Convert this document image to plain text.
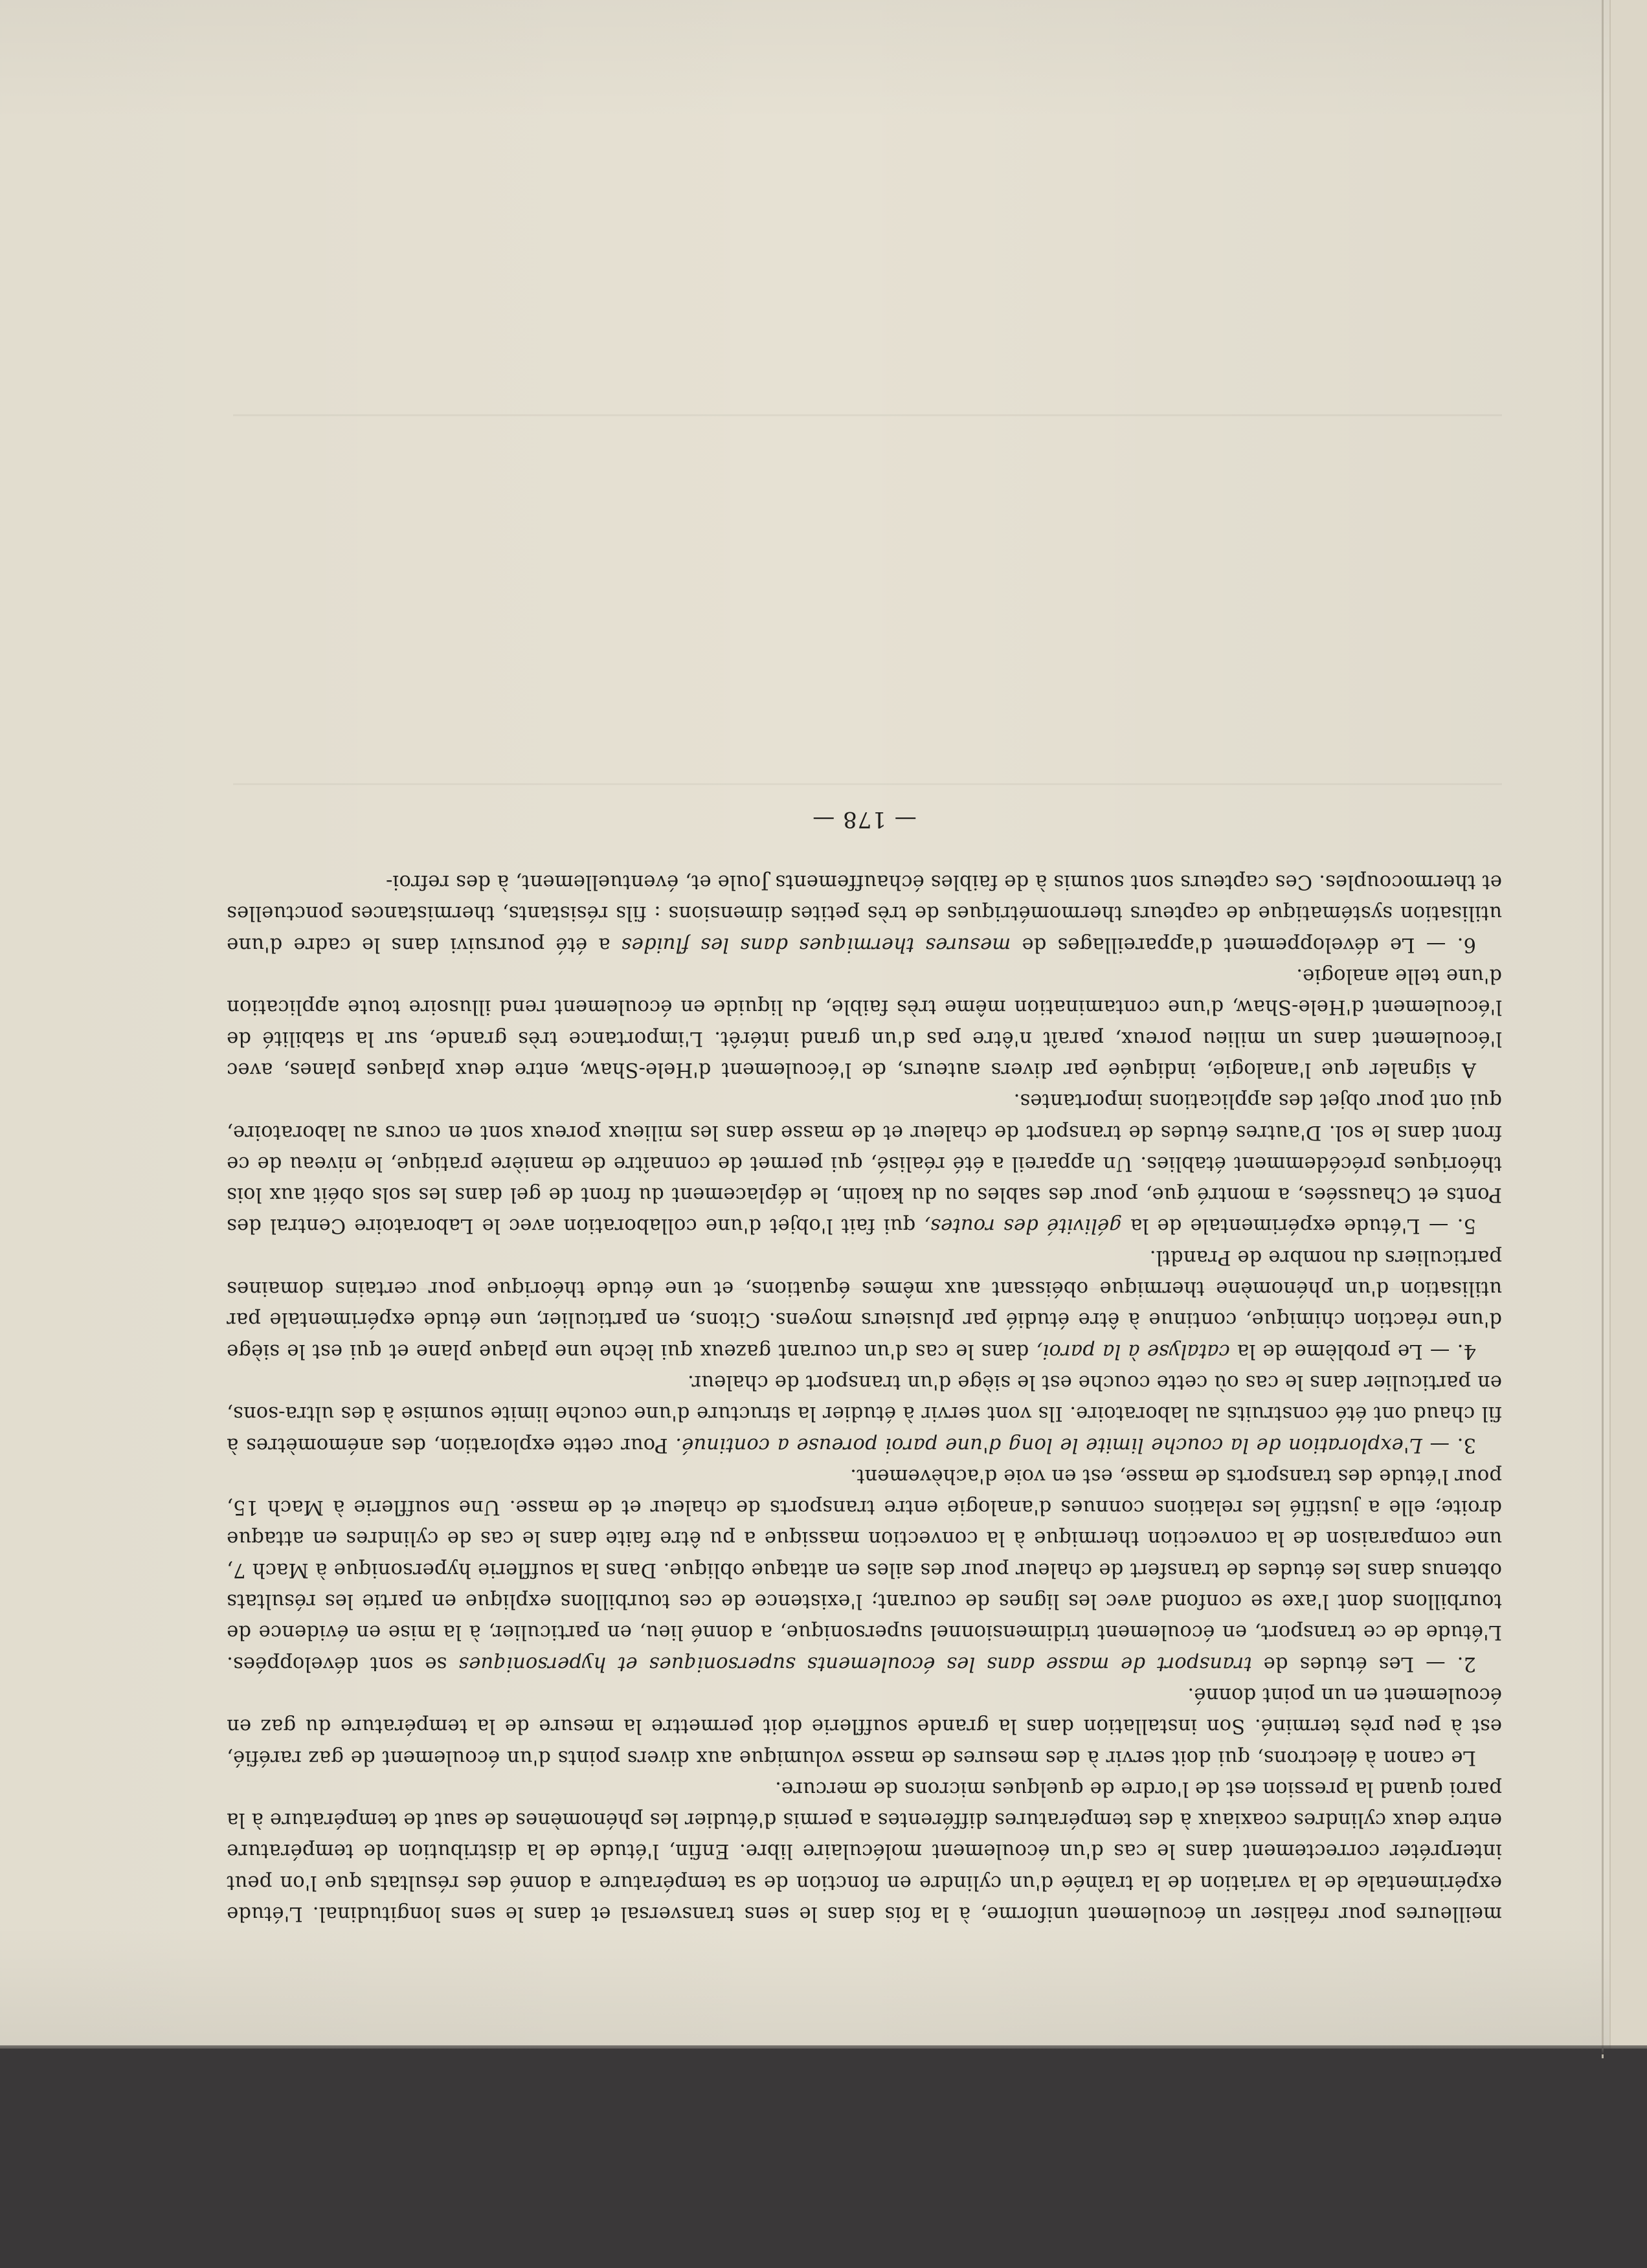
meilleures pour réaliser un écoulement uniforme, à la fois dans le sens transversal et dans le sens longitudinal. L'étude expérimentale de la variation de la traînée d'un cylindre en fonction de sa température a donné des résultats que l'on peut interpréter correctement dans le cas d'un écoulement moléculaire libre. Enfin, l'étude de la distribution de température entre deux cylindres coaxiaux à des températures différentes a permis d'étudier les phénomènes de saut de température à la paroi quand la pression est de l'ordre de quelques microns de mercure.

Le canon à électrons, qui doit servir à des mesures de masse volumique aux divers points d'un écoulement de gaz raréfié, est à peu près terminé. Son installation dans la grande soufflerie doit permettre la mesure de la température du gaz en écoulement en un point donné.

2. — Les études de transport de masse dans les écoulements supersoniques et hypersoniques se sont développées. L'étude de ce transport, en écoulement tridimensionnel supersonique, a donné lieu, en particulier, à la mise en évidence de tourbillons dont l'axe se confond avec les lignes de courant; l'existence de ces tourbillons explique en partie les résultats obtenus dans les études de transfert de chaleur pour des ailes en attaque oblique. Dans la soufflerie hypersonique à Mach 7, une comparaison de la convection thermique à la convection massique a pu être faite dans le cas de cylindres en attaque droite; elle a justifié les relations connues d'analogie entre transports de chaleur et de masse. Une soufflerie à Mach 15, pour l'étude des transports de masse, est en voie d'achèvement.

3. — L'exploration de la couche limite le long d'une paroi poreuse a continué. Pour cette exploration, des anémomètres à fil chaud ont été construits au laboratoire. Ils vont servir à étudier la structure d'une couche limite soumise à des ultra-sons, en particulier dans le cas où cette couche est le siège d'un transport de chaleur.

4. — Le problème de la catalyse à la paroi, dans le cas d'un courant gazeux qui lèche une plaque plane et qui est le siège d'une réaction chimique, continue à être étudié par plusieurs moyens. Citons, en particulier, une étude expérimentale par utilisation d'un phénomène thermique obéissant aux mêmes équations, et une étude théorique pour certains domaines particuliers du nombre de Prandtl.

5. — L'étude expérimentale de la gélivité des routes, qui fait l'objet d'une collaboration avec le Laboratoire Central des Ponts et Chaussées, a montré que, pour des sables ou du kaolin, le déplacement du front de gel dans les sols obéit aux lois théoriques précédemment établies. Un appareil a été réalisé, qui permet de connaître de manière pratique, le niveau de ce front dans le sol. D'autres études de transport de chaleur et de masse dans les milieux poreux sont en cours au laboratoire, qui ont pour objet des applications importantes.

A signaler que l'analogie, indiquée par divers auteurs, de l'écoulement d'Hele-Shaw, entre deux plaques planes, avec l'écoulement dans un milieu poreux, paraît n'être pas d'un grand intérêt. L'importance très grande, sur la stabilité de l'écoulement d'Hele-Shaw, d'une contamination même très faible, du liquide en écoulement rend illusoire toute application d'une telle analogie.

6. — Le développement d'appareillages de mesures thermiques dans les fluides a été poursuivi dans le cadre d'une utilisation systématique de capteurs thermométriques de très petites dimensions : fils résistants, thermistances ponctuelles et thermocouples. Ces capteurs sont soumis à de faibles échauffements Joule et, éventuellement, à des refroi-

— 178 —
